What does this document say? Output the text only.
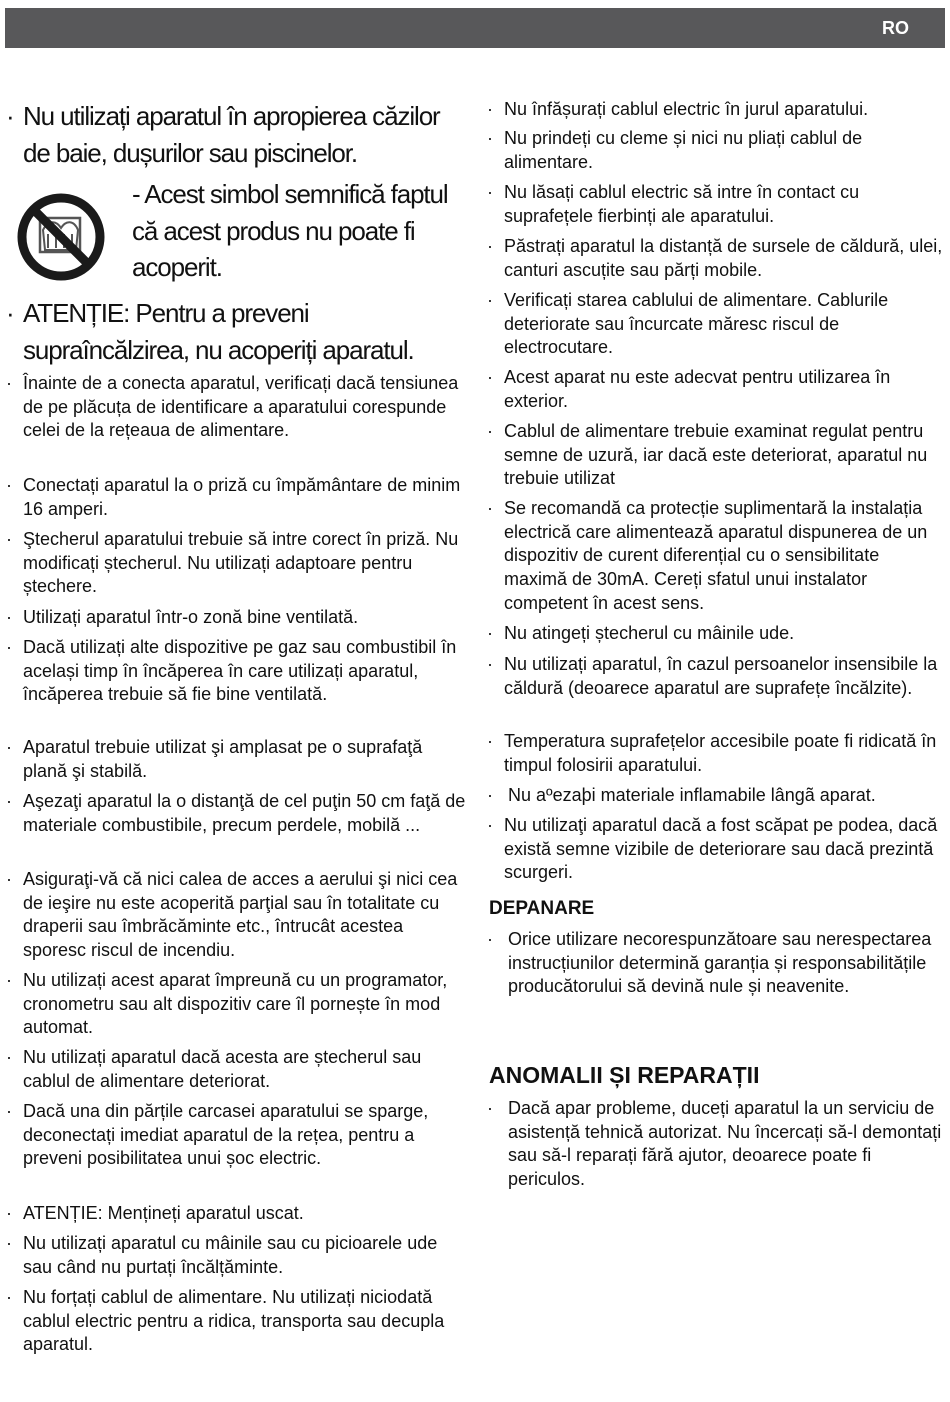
RO
· Nu utilizați aparatul în apropierea căzilor de baie, dușurilor sau piscinelor.
- Acest simbol semnifică faptul că acest produs nu poate fi acoperit.
· ATENȚIE: Pentru a preveni supraîncălzirea, nu acoperiți aparatul.
· Înainte de a conecta aparatul, verificați dacă tensiunea de pe plăcuța de identificare a aparatului corespunde celei de la rețeaua de alimentare.
· Conectați aparatul la o priză cu împământare de minim 16 amperi.
· Ştecherul aparatului trebuie să intre corect în priză. Nu modificați ștecherul. Nu utilizați adaptoare pentru ștechere.
· Utilizați aparatul într-o zonă bine ventilată.
· Dacă utilizați alte dispozitive pe gaz sau combustibil în același timp în încăperea în care utilizați aparatul, încăperea trebuie să fie bine ventilată.
· Aparatul trebuie utilizat şi amplasat pe o suprafaţă plană şi stabilă.
· Aşezaţi aparatul la o distanţă de cel puţin 50 cm faţă de materiale combustibile, precum perdele, mobilă ...
· Asiguraţi-vă că nici calea de acces a aerului şi nici cea de ieşire nu este acoperită parţial sau în totalitate cu draperii sau îmbrăcăminte etc., întrucât acestea sporesc riscul de incendiu.
· Nu utilizați acest aparat împreună cu un programator, cronometru sau alt dispozitiv care îl pornește în mod automat.
· Nu utilizați aparatul dacă acesta are ștecherul sau cablul de alimentare deteriorat.
· Dacă una din părțile carcasei aparatului se sparge, deconectați imediat aparatul de la rețea, pentru a preveni posibilitatea unui șoc electric.
· ATENȚIE: Mențineți aparatul uscat.
· Nu utilizați aparatul cu mâinile sau cu picioarele ude sau când nu purtați încălțăminte.
· Nu forțați cablul de alimentare. Nu utilizați niciodată cablul electric pentru a ridica, transporta sau decupla aparatul.
· Nu înfășurați cablul electric în jurul aparatului.
· Nu prindeți cu cleme și nici nu pliați cablul de alimentare.
· Nu lăsați cablul electric să intre în contact cu suprafețele fierbinți ale aparatului.
· Păstrați aparatul la distanță de sursele de căldură, ulei, canturi ascuțite sau părți mobile.
· Verificați starea cablului de alimentare. Cablurile deteriorate sau încurcate măresc riscul de electrocutare.
· Acest aparat nu este adecvat pentru utilizarea în exterior.
· Cablul de alimentare trebuie examinat regulat pentru semne de uzură, iar dacă este deteriorat, aparatul nu trebuie utilizat
· Se recomandă ca protecție suplimentară la instalația electrică care alimentează aparatul dispunerea de un dispozitiv de curent diferențial cu o sensibilitate maximă de 30mA. Cereți sfatul unui instalator competent în acest sens.
· Nu atingeți ștecherul cu mâinile ude.
· Nu utilizați aparatul, în cazul persoanelor insensibile la căldură (deoarece aparatul are suprafețe încălzite).
· Temperatura suprafețelor accesibile poate fi ridicată în timpul folosirii aparatului.
· Nu aºezaþi materiale inflamabile lângã aparat.
· Nu utilizaţi aparatul dacă a fost scăpat pe podea, dacă există semne vizibile de deteriorare sau dacă prezintă scurgeri.
DEPANARE
· Orice utilizare necorespunzătoare sau nerespectarea instrucțiunilor determină garanția și responsabilitățile producătorului să devină nule și neavenite.
ANOMALII ȘI REPARAȚII
· Dacă apar probleme, duceți aparatul la un serviciu de asistență tehnică autorizat. Nu încercați să-l demontați sau să-l reparați fără ajutor, deoarece poate fi periculos.
